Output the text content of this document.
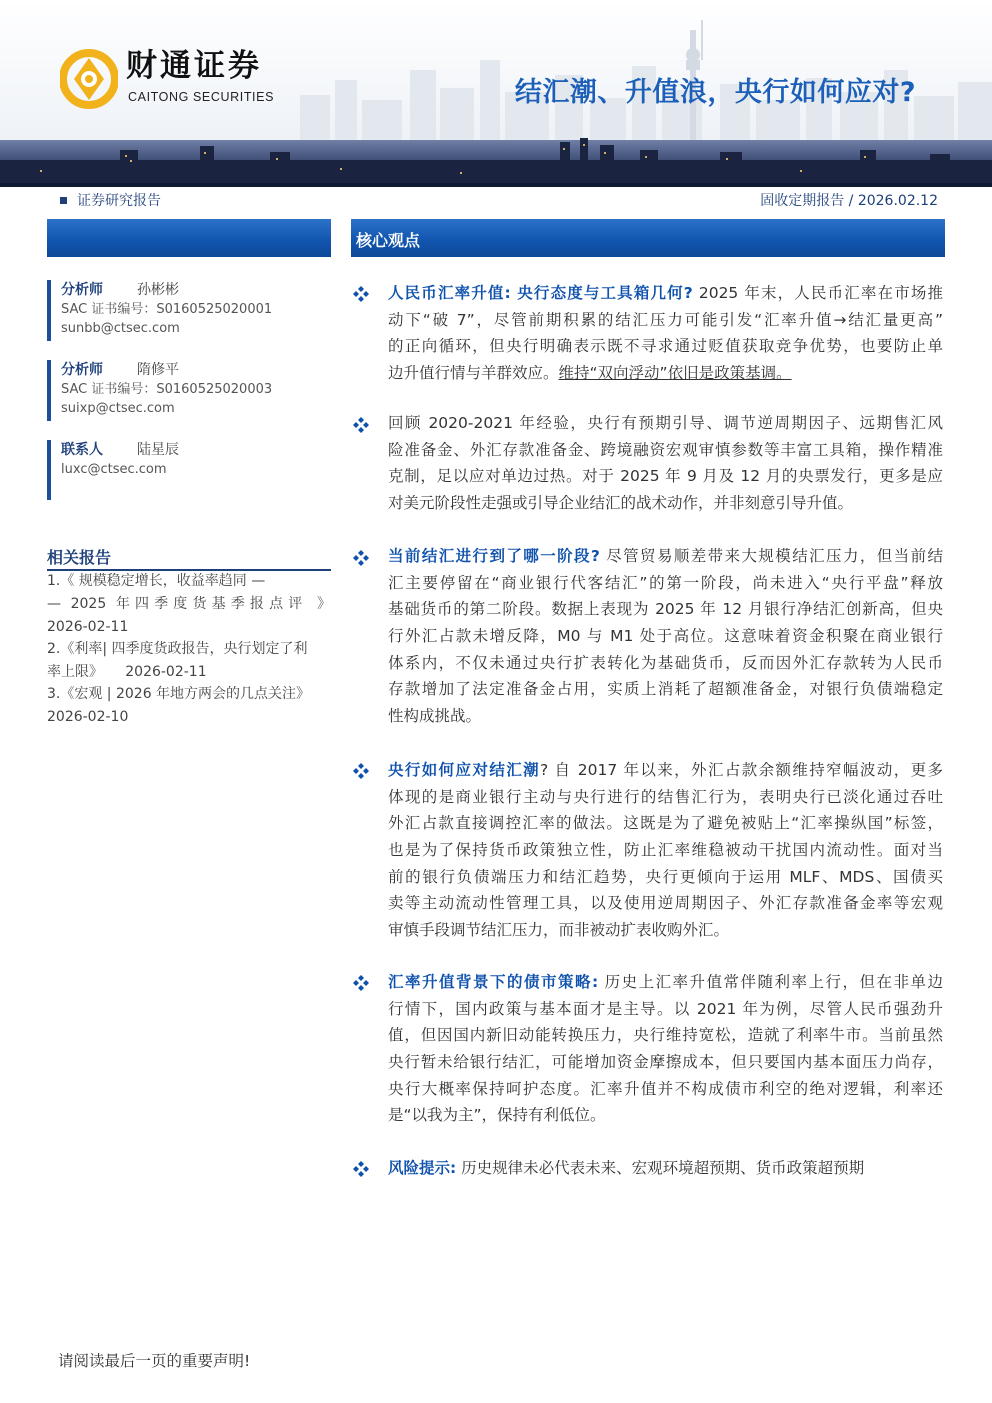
财通证券
CAITONG SECURITIES	结汇潮、升值浪，央行如何应对?
证券研究报告	固收定期报告 / 2026.02.12
核心观点
分析师 孙彬彬
SAC 证书编号：S0160525020001
sunbb@ctsec.com
分析师 隋修平
SAC 证书编号：S0160525020003
suixp@ctsec.com
联系人 陆星辰
luxc@ctsec.com
相关报告
1.《 规模稳定增长，收益率趋同 —
— 2025 年四季度货基季报点评 》
2026-02-11
2.《利率| 四季度货政报告，央行划定了利
率上限》     2026-02-11
3.《宏观 | 2026 年地方两会的几点关注》
2026-02-10
人民币汇率升值: 央行态度与工具箱几何? 2025 年末，人民币汇率在市场推
动下“破 7”，尽管前期积累的结汇压力可能引发“汇率升值→结汇量更高”
的正向循环，但央行明确表示既不寻求通过贬值获取竞争优势，也要防止单
边升值行情与羊群效应。维持“双向浮动”依旧是政策基调。
回顾 2020-2021 年经验，央行有预期引导、调节逆周期因子、远期售汇风
险准备金、外汇存款准备金、跨境融资宏观审慎参数等丰富工具箱，操作精准
克制，足以应对单边过热。对于 2025 年 9 月及 12 月的央票发行，更多是应
对美元阶段性走强或引导企业结汇的战术动作，并非刻意引导升值。
当前结汇进行到了哪一阶段? 尽管贸易顺差带来大规模结汇压力，但当前结
汇主要停留在“商业银行代客结汇”的第一阶段，尚未进入“央行平盘”释放
基础货币的第二阶段。数据上表现为 2025 年 12 月银行净结汇创新高，但央
行外汇占款未增反降，M0 与 M1 处于高位。这意味着资金积聚在商业银行
体系内，不仅未通过央行扩表转化为基础货币，反而因外汇存款转为人民币
存款增加了法定准备金占用，实质上消耗了超额准备金，对银行负债端稳定
性构成挑战。
央行如何应对结汇潮? 自 2017 年以来，外汇占款余额维持窄幅波动，更多
体现的是商业银行主动与央行进行的结售汇行为，表明央行已淡化通过吞吐
外汇占款直接调控汇率的做法。这既是为了避免被贴上“汇率操纵国”标签，
也是为了保持货币政策独立性，防止汇率维稳被动干扰国内流动性。面对当
前的银行负债端压力和结汇趋势，央行更倾向于运用 MLF、MDS、国债买
卖等主动流动性管理工具，以及使用逆周期因子、外汇存款准备金率等宏观
审慎手段调节结汇压力，而非被动扩表收购外汇。
汇率升值背景下的债市策略: 历史上汇率升值常伴随利率上行，但在非单边
行情下，国内政策与基本面才是主导。以 2021 年为例，尽管人民币强劲升
值，但因国内新旧动能转换压力，央行维持宽松，造就了利率牛市。当前虽然
央行暂未给银行结汇，可能增加资金摩擦成本，但只要国内基本面压力尚存，
央行大概率保持呵护态度。汇率升值并不构成债市利空的绝对逻辑，利率还
是“以我为主”，保持有利低位。
风险提示: 历史规律未必代表未来、宏观环境超预期、货币政策超预期
请阅读最后一页的重要声明!
